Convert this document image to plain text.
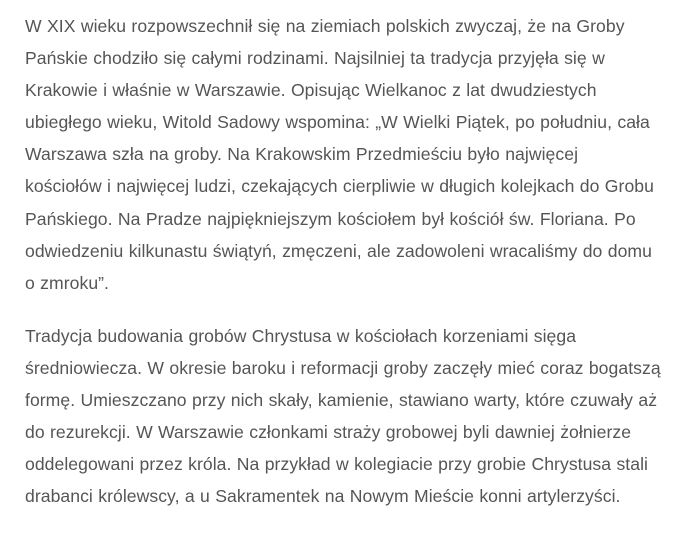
W XIX wieku rozpowszechnił się na ziemiach polskich zwyczaj, że na Groby
Pańskie chodziło się całymi rodzinami. Najsilniej ta tradycja przyjęła się w
Krakowie i właśnie w Warszawie. Opisując Wielkanoc z lat dwudziestych
ubiegłego wieku, Witold Sadowy wspomina: „W Wielki Piątek, po południu, cała
Warszawa szła na groby. Na Krakowskim Przedmieściu było najwięcej
kościołów i najwięcej ludzi, czekających cierpliwie w długich kolejkach do Grobu
Pańskiego. Na Pradze najpiękniejszym kościołem był kościół św. Floriana. Po
odwiedzeniu kilkunastu świątyń, zmęczeni, ale zadowoleni wracaliśmy do domu
o zmroku”.

Tradycja budowania grobów Chrystusa w kościołach korzeniami sięga
średniowiecza. W okresie baroku i reformacji groby zaczęły mieć coraz bogatszą
formę. Umieszczano przy nich skały, kamienie, stawiano warty, które czuwały aż
do rezurekcji. W Warszawie członkami straży grobowej byli dawniej żołnierze
oddelegowani przez króla. Na przykład w kolegiacie przy grobie Chrystusa stali
drabanci królewscy, a u Sakramentek na Nowym Mieście konni artylerzyści.
